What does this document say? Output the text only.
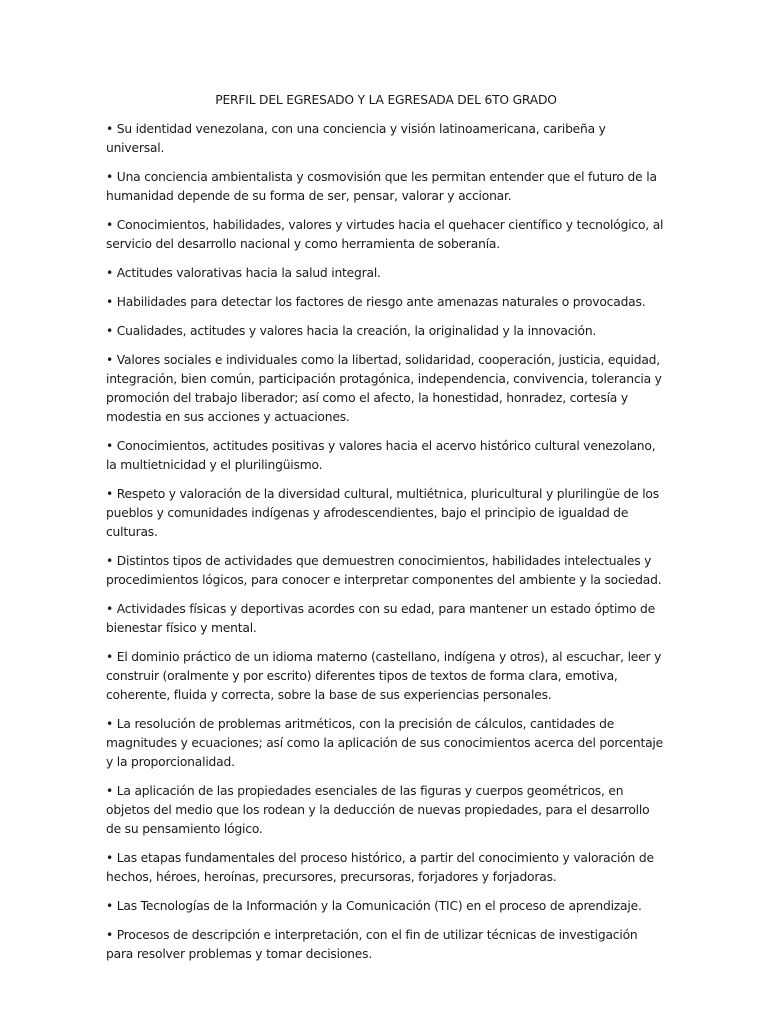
PERFIL DEL EGRESADO Y LA EGRESADA DEL 6TO GRADO

• Su identidad venezolana, con una conciencia y visión latinoamericana, caribeña y universal.

• Una conciencia ambientalista y cosmovisión que les permitan entender que el futuro de la humanidad depende de su forma de ser, pensar, valorar y accionar.

• Conocimientos, habilidades, valores y virtudes hacia el quehacer científico y tecnológico, al servicio del desarrollo nacional y como herramienta de soberanía.

• Actitudes valorativas hacia la salud integral.

• Habilidades para detectar los factores de riesgo ante amenazas naturales o provocadas.

• Cualidades, actitudes y valores hacia la creación, la originalidad y la innovación.

• Valores sociales e individuales como la libertad, solidaridad, cooperación, justicia, equidad, integración, bien común, participación protagónica, independencia, convivencia, tolerancia y promoción del trabajo liberador; así como el afecto, la honestidad, honradez, cortesía y modestia en sus acciones y actuaciones.

• Conocimientos, actitudes positivas y valores hacia el acervo histórico cultural venezolano, la multietnicidad y el plurilingüismo.

• Respeto y valoración de la diversidad cultural, multiétnica, pluricultural y plurilingüe de los pueblos y comunidades indígenas y afrodescendientes, bajo el principio de igualdad de culturas.

• Distintos tipos de actividades que demuestren conocimientos, habilidades intelectuales y procedimientos lógicos, para conocer e interpretar componentes del ambiente y la sociedad.

• Actividades físicas y deportivas acordes con su edad, para mantener un estado óptimo de bienestar físico y mental.

• El dominio práctico de un idioma materno (castellano, indígena y otros), al escuchar, leer y construir (oralmente y por escrito) diferentes tipos de textos de forma clara, emotiva, coherente, fluida y correcta, sobre la base de sus experiencias personales.

• La resolución de problemas aritméticos, con la precisión de cálculos, cantidades de magnitudes y ecuaciones; así como la aplicación de sus conocimientos acerca del porcentaje y la proporcionalidad.

• La aplicación de las propiedades esenciales de las figuras y cuerpos geométricos, en objetos del medio que los rodean y la deducción de nuevas propiedades, para el desarrollo de su pensamiento lógico.

• Las etapas fundamentales del proceso histórico, a partir del conocimiento y valoración de hechos, héroes, heroínas, precursores, precursoras, forjadores y forjadoras.

• Las Tecnologías de la Información y la Comunicación (TIC) en el proceso de aprendizaje.

• Procesos de descripción e interpretación, con el fin de utilizar técnicas de investigación para resolver problemas y tomar decisiones.
